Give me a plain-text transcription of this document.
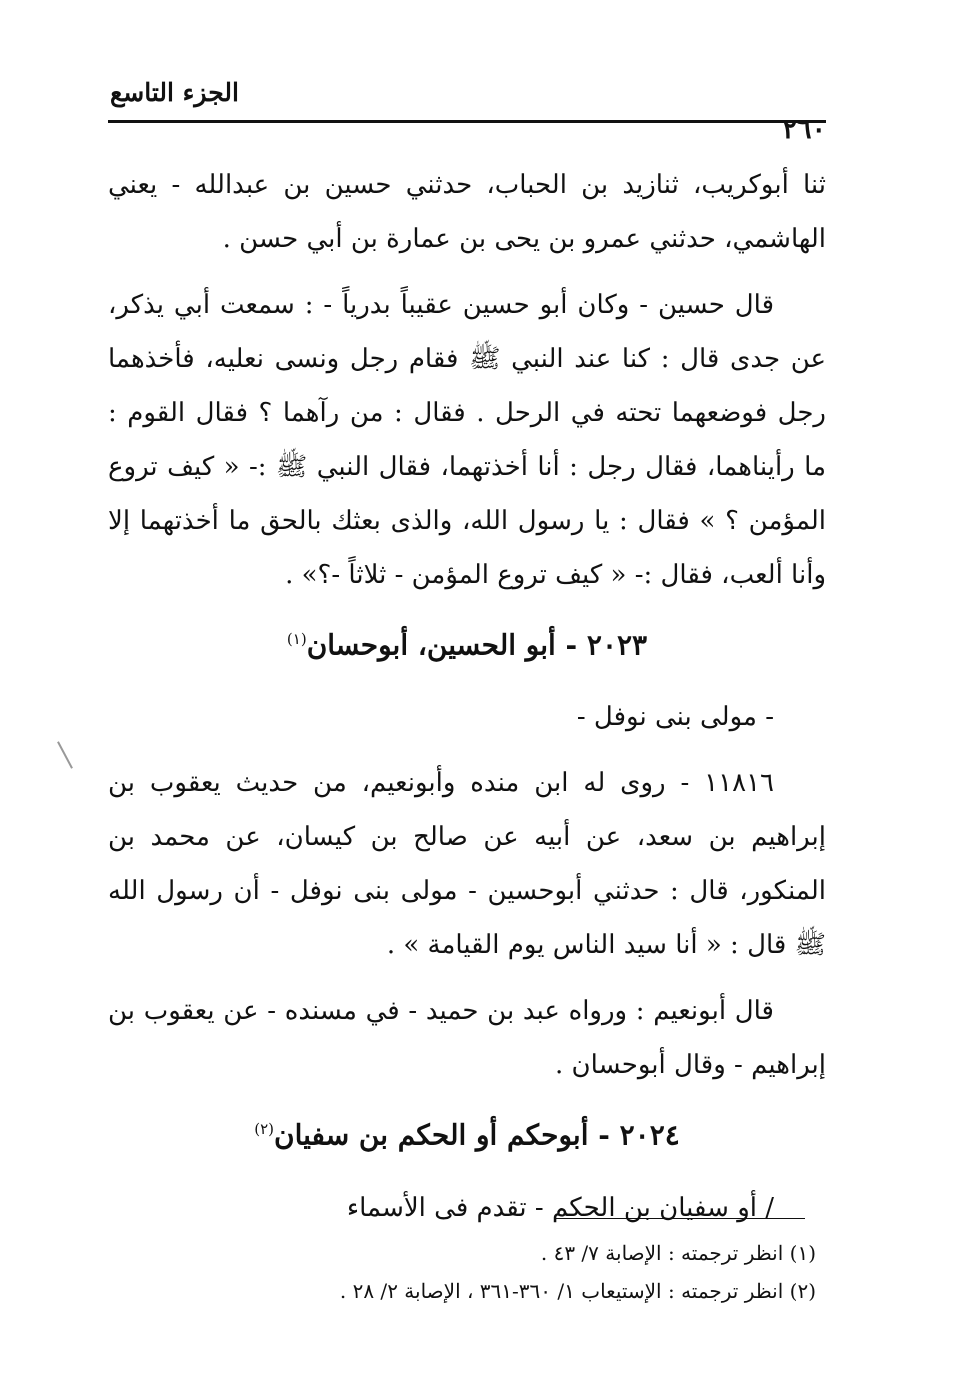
الجزء التاسع
٢٦٠

ثنا أبوكريب، ثنازيد بن الحباب، حدثني حسين بن عبدالله - يعني الهاشمي، حدثني عمرو بن يحى بن عمارة بن أبي حسن .

قال حسين - وكان أبو حسين عقيباً بدرياً - : سمعت أبي يذكر، عن جدى قال : كنا عند النبي ﷺ فقام رجل ونسى نعليه، فأخذهما رجل فوضعهما تحته في الرحل . فقال : من رآهما ؟ فقال القوم : ما رأيناهما، فقال رجل : أنا أخذتهما، فقال النبي ﷺ :- « كيف تروع المؤمن ؟ » فقال : يا رسول الله، والذى بعثك بالحق ما أخذتهما إلا وأنا ألعب، فقال :- « كيف تروع المؤمن - ثلاثاً -؟» .

٢٠٢٣ - أبو الحسين، أبوحسان$^{(١)}$

- مولى بنى نوفل -

١١٨١٦ - روى له ابن منده وأبونعيم، من حديث يعقوب بن إبراهيم بن سعد، عن أبيه عن صالح بن كيسان، عن محمد بن المنكور، قال : حدثني أبوحسين - مولى بنى نوفل - أن رسول الله ﷺ قال : « أنا سيد الناس يوم القيامة » .

قال أبونعيم : ورواه عبد بن حميد - في مسنده - عن يعقوب بن إبراهيم - وقال أبوحسان .

٢٠٢٤ - أبوحكم أو الحكم بن سفيان$^{(٢)}$

/ أو سفيان بن الحكم - تقدم فى الأسماء

(١) انظر ترجمته : الإصابة ٧/ ٤٣ .

(٢) انظر ترجمته : الإستيعاب ١/ ٣٦٠-٣٦١ ، الإصابة ٢/ ٢٨ .
